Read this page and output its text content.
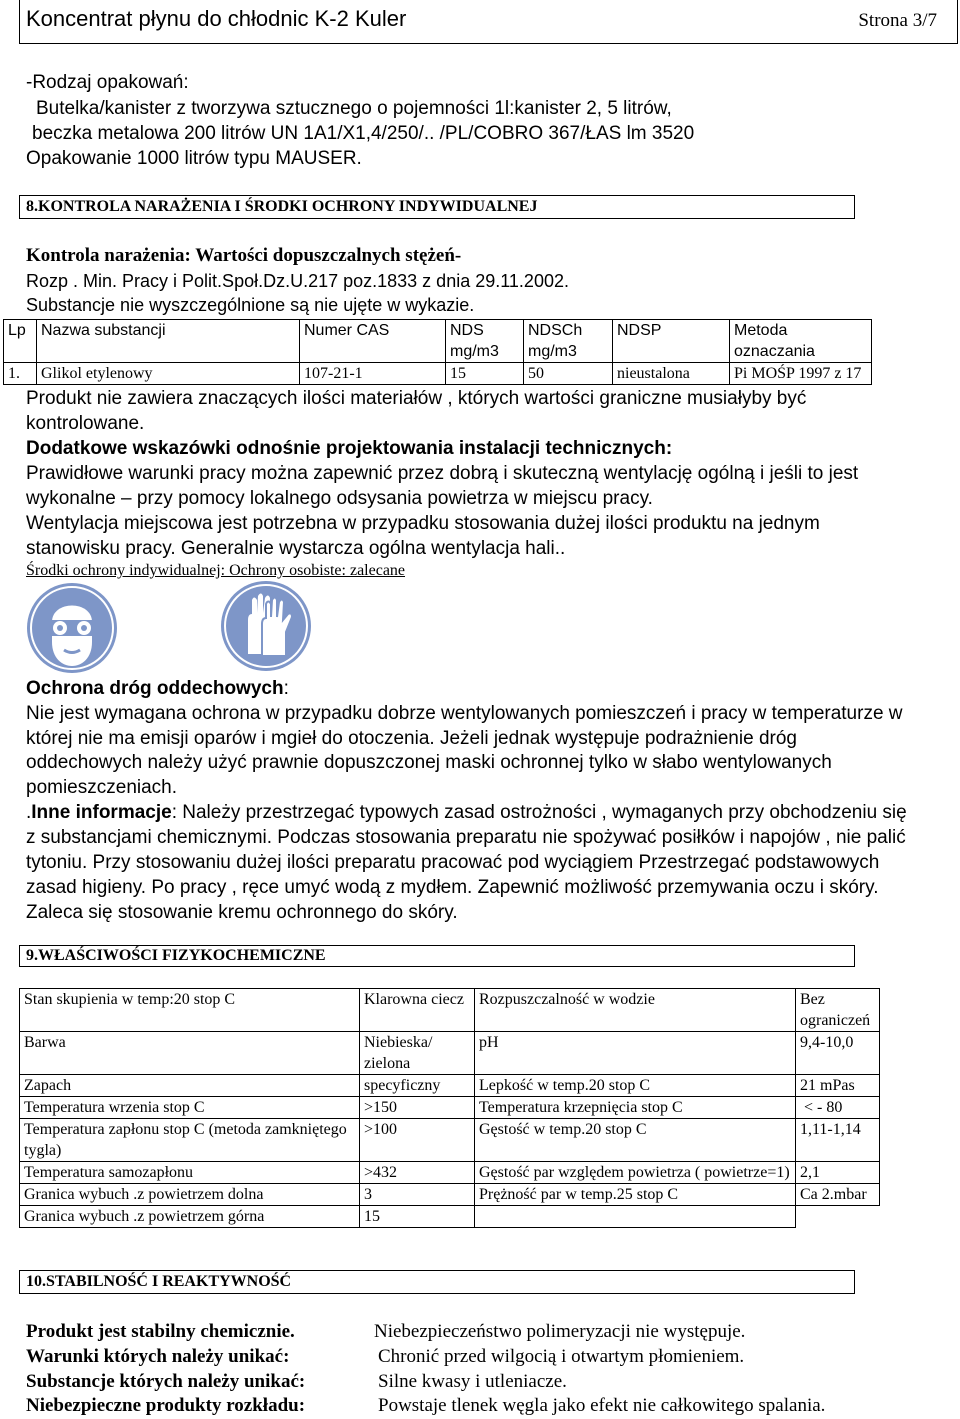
Koncentrat płynu do chłodnic K-2 Kuler	Strona 3/7
-Rodzaj opakowań:
Butelka/kanister z tworzywa sztucznego o pojemności 1l:kanister 2, 5 litrów,
beczka metalowa 200 litrów UN 1A1/X1,4/250/.. /PL/COBRO 367/ŁAS lm 3520
Opakowanie 1000 litrów typu MAUSER.
8.KONTROLA NARAŻENIA I ŚRODKI OCHRONY INDYWIDUALNEJ
Kontrola narażenia: Wartości dopuszczalnych stężeń-
Rozp . Min. Pracy i Polit.Społ.Dz.U.217 poz.1833 z dnia 29.11.2002.
Substancje nie wyszczególnione są nie ujęte w wykazie.
Lp	Nazwa substancji	Numer CAS	NDS mg/m3	NDSCh mg/m3	NDSP	Metoda oznaczania
1.	Glikol etylenowy	107-21-1	15	50	nieustalona	Pi MOŚP 1997 z 17
Produkt nie zawiera znaczących ilości materiałów , których wartości graniczne musiałyby być
kontrolowane.
Dodatkowe wskazówki odnośnie projektowania instalacji technicznych:
Prawidłowe warunki pracy można zapewnić przez dobrą i skuteczną wentylację ogólną i jeśli to jest
wykonalne – przy pomocy lokalnego odsysania powietrza w miejscu pracy.
Wentylacja miejscowa jest potrzebna w przypadku stosowania dużej ilości produktu na jednym
stanowisku pracy. Generalnie wystarcza ogólna wentylacja hali..
Środki ochrony indywidualnej: Ochrony osobiste: zalecane
Ochrona dróg oddechowych:
Nie jest wymagana ochrona w przypadku dobrze wentylowanych pomieszczeń i pracy w temperaturze w
której nie ma emisji oparów i mgieł do otoczenia. Jeżeli jednak występuje podrażnienie dróg
oddechowych należy użyć prawnie dopuszczonej maski ochronnej tylko w słabo wentylowanych
pomieszczeniach.
.Inne informacje: Należy przestrzegać typowych zasad ostrożności , wymaganych przy obchodzeniu się
z substancjami chemicznymi. Podczas stosowania preparatu nie spożywać posiłków i napojów , nie palić
tytoniu. Przy stosowaniu dużej ilości preparatu pracować pod wyciągiem Przestrzegać podstawowych
zasad higieny. Po pracy , ręce umyć wodą z mydłem. Zapewnić możliwość przemywania oczu i skóry.
Zaleca się stosowanie kremu ochronnego do skóry.
9.WŁAŚCIWOŚCI FIZYKOCHEMICZNE
Stan skupienia w temp:20 stop C	Klarowna ciecz	Rozpuszczalność w wodzie	Bez ograniczeń
Barwa	Niebieska/ zielona	pH	9,4-10,0
Zapach	specyficzny	Lepkość w temp.20 stop C	21 mPas
Temperatura wrzenia stop C	>150	Temperatura krzepnięcia stop C	< - 80
Temperatura zapłonu stop C (metoda zamkniętego tygla)	>100	Gęstość w temp.20 stop C	1,11-1,14
Temperatura samozapłonu	>432	Gęstość par względem powietrza ( powietrze=1)	2,1
Granica wybuch .z powietrzem dolna	3	Prężność par w temp.25 stop C	Ca 2.mbar
Granica wybuch .z powietrzem górna	15		
10.STABILNOŚĆ I REAKTYWNOŚĆ
Produkt jest stabilny chemicznie.	Niebezpieczeństwo polimeryzacji nie występuje.
Warunki których należy unikać:	Chronić przed wilgocią i otwartym płomieniem.
Substancje których należy unikać:	Silne kwasy i utleniacze.
Niebezpieczne produkty rozkładu:	Powstaje tlenek węgla jako efekt nie całkowitego spalania.
